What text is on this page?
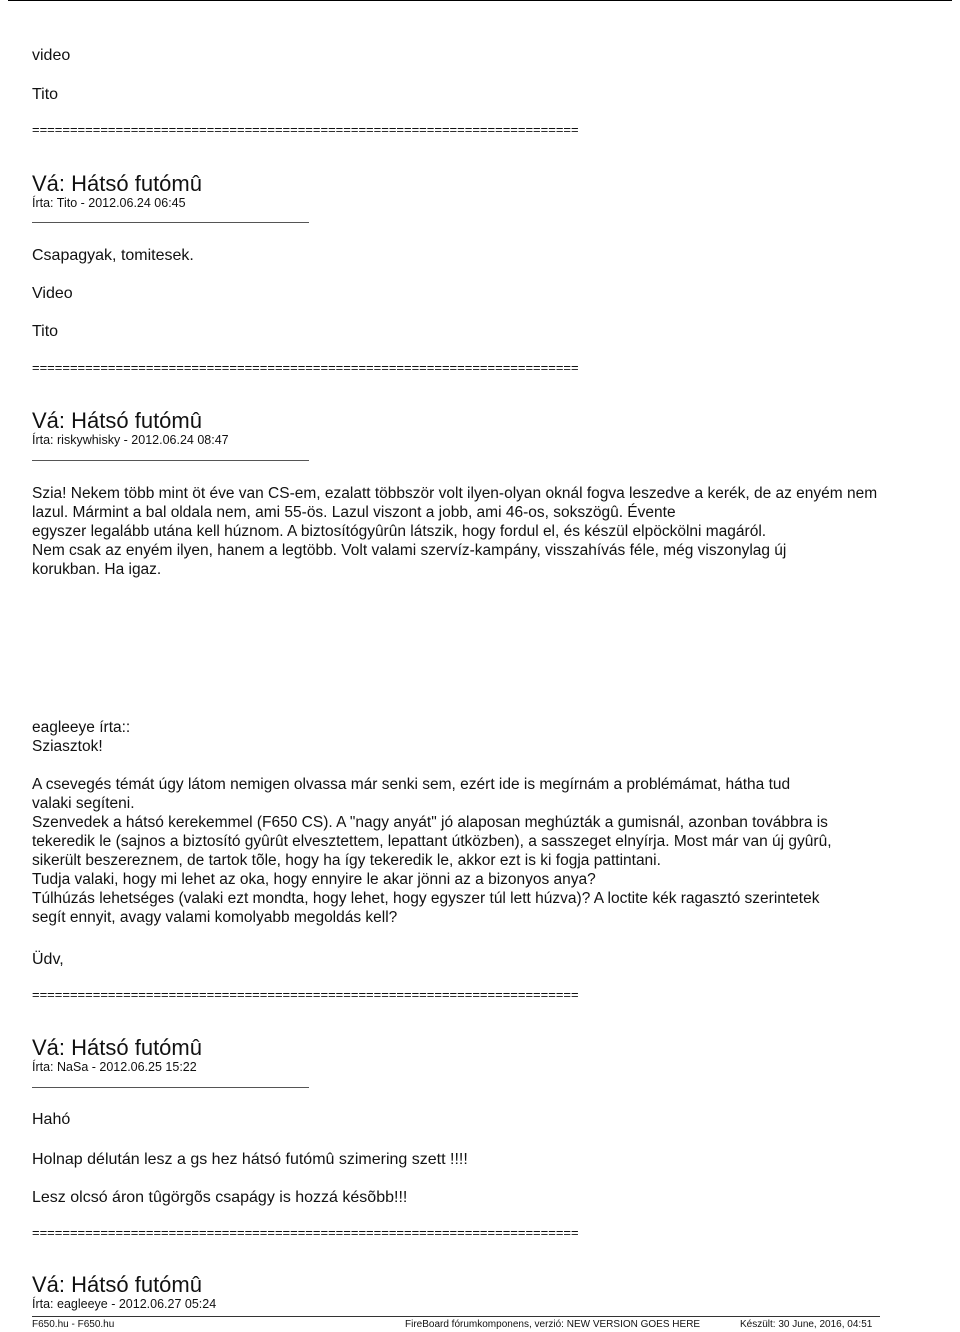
video
Tito
========================================================================
Vá: Hátsó futómû
Írta: Tito - 2012.06.24 06:45
Csapagyak, tomitesek.
Video
Tito
========================================================================
Vá: Hátsó futómû
Írta: riskywhisky - 2012.06.24 08:47
Szia! Nekem több mint öt éve van CS-em, ezalatt többször volt ilyen-olyan oknál fogva leszedve a kerék, de az enyém nem
lazul. Mármint a bal oldala nem, ami 55-ös. Lazul viszont a jobb, ami 46-os, sokszögû. Évente
egyszer legalább utána kell húznom. A biztosítógyûrûn látszik, hogy fordul el, és készül elpöckölni magáról.
Nem csak az enyém ilyen, hanem a legtöbb. Volt valami szervíz-kampány, visszahívás féle, még viszonylag új
korukban. Ha igaz.
eagleeye írta::
Sziasztok!
A csevegés témát úgy látom nemigen olvassa már senki sem, ezért ide is megírnám a problémámat, hátha tud
valaki segíteni.
Szenvedek a hátsó kerekemmel (F650 CS). A "nagy anyát" jó alaposan meghúzták a gumisnál, azonban továbbra is
tekeredik le (sajnos a biztosító gyûrût elvesztettem, lepattant útközben), a sasszeget elnyírja. Most már van új gyûrû,
sikerült beszereznem, de tartok tõle, hogy ha így tekeredik le, akkor ezt is ki fogja pattintani.
Tudja valaki, hogy mi lehet az oka, hogy ennyire le akar jönni az a bizonyos anya?
Túlhúzás lehetséges (valaki ezt mondta, hogy lehet, hogy egyszer túl lett húzva)? A loctite kék ragasztó szerintetek
segít ennyit, avagy valami komolyabb megoldás kell?
Üdv,
========================================================================
Vá: Hátsó futómû
Írta: NaSa - 2012.06.25 15:22
Hahó
Holnap délután lesz a gs hez hátsó futómû szimering szett !!!!
Lesz olcsó áron tûgörgõs csapágy is hozzá késõbb!!!
========================================================================
Vá: Hátsó futómû
Írta: eagleeye - 2012.06.27 05:24
F650.hu - F650.hu	FireBoard fórumkomponens, verzió: NEW VERSION GOES HERE	Készült: 30 June, 2016, 04:51
